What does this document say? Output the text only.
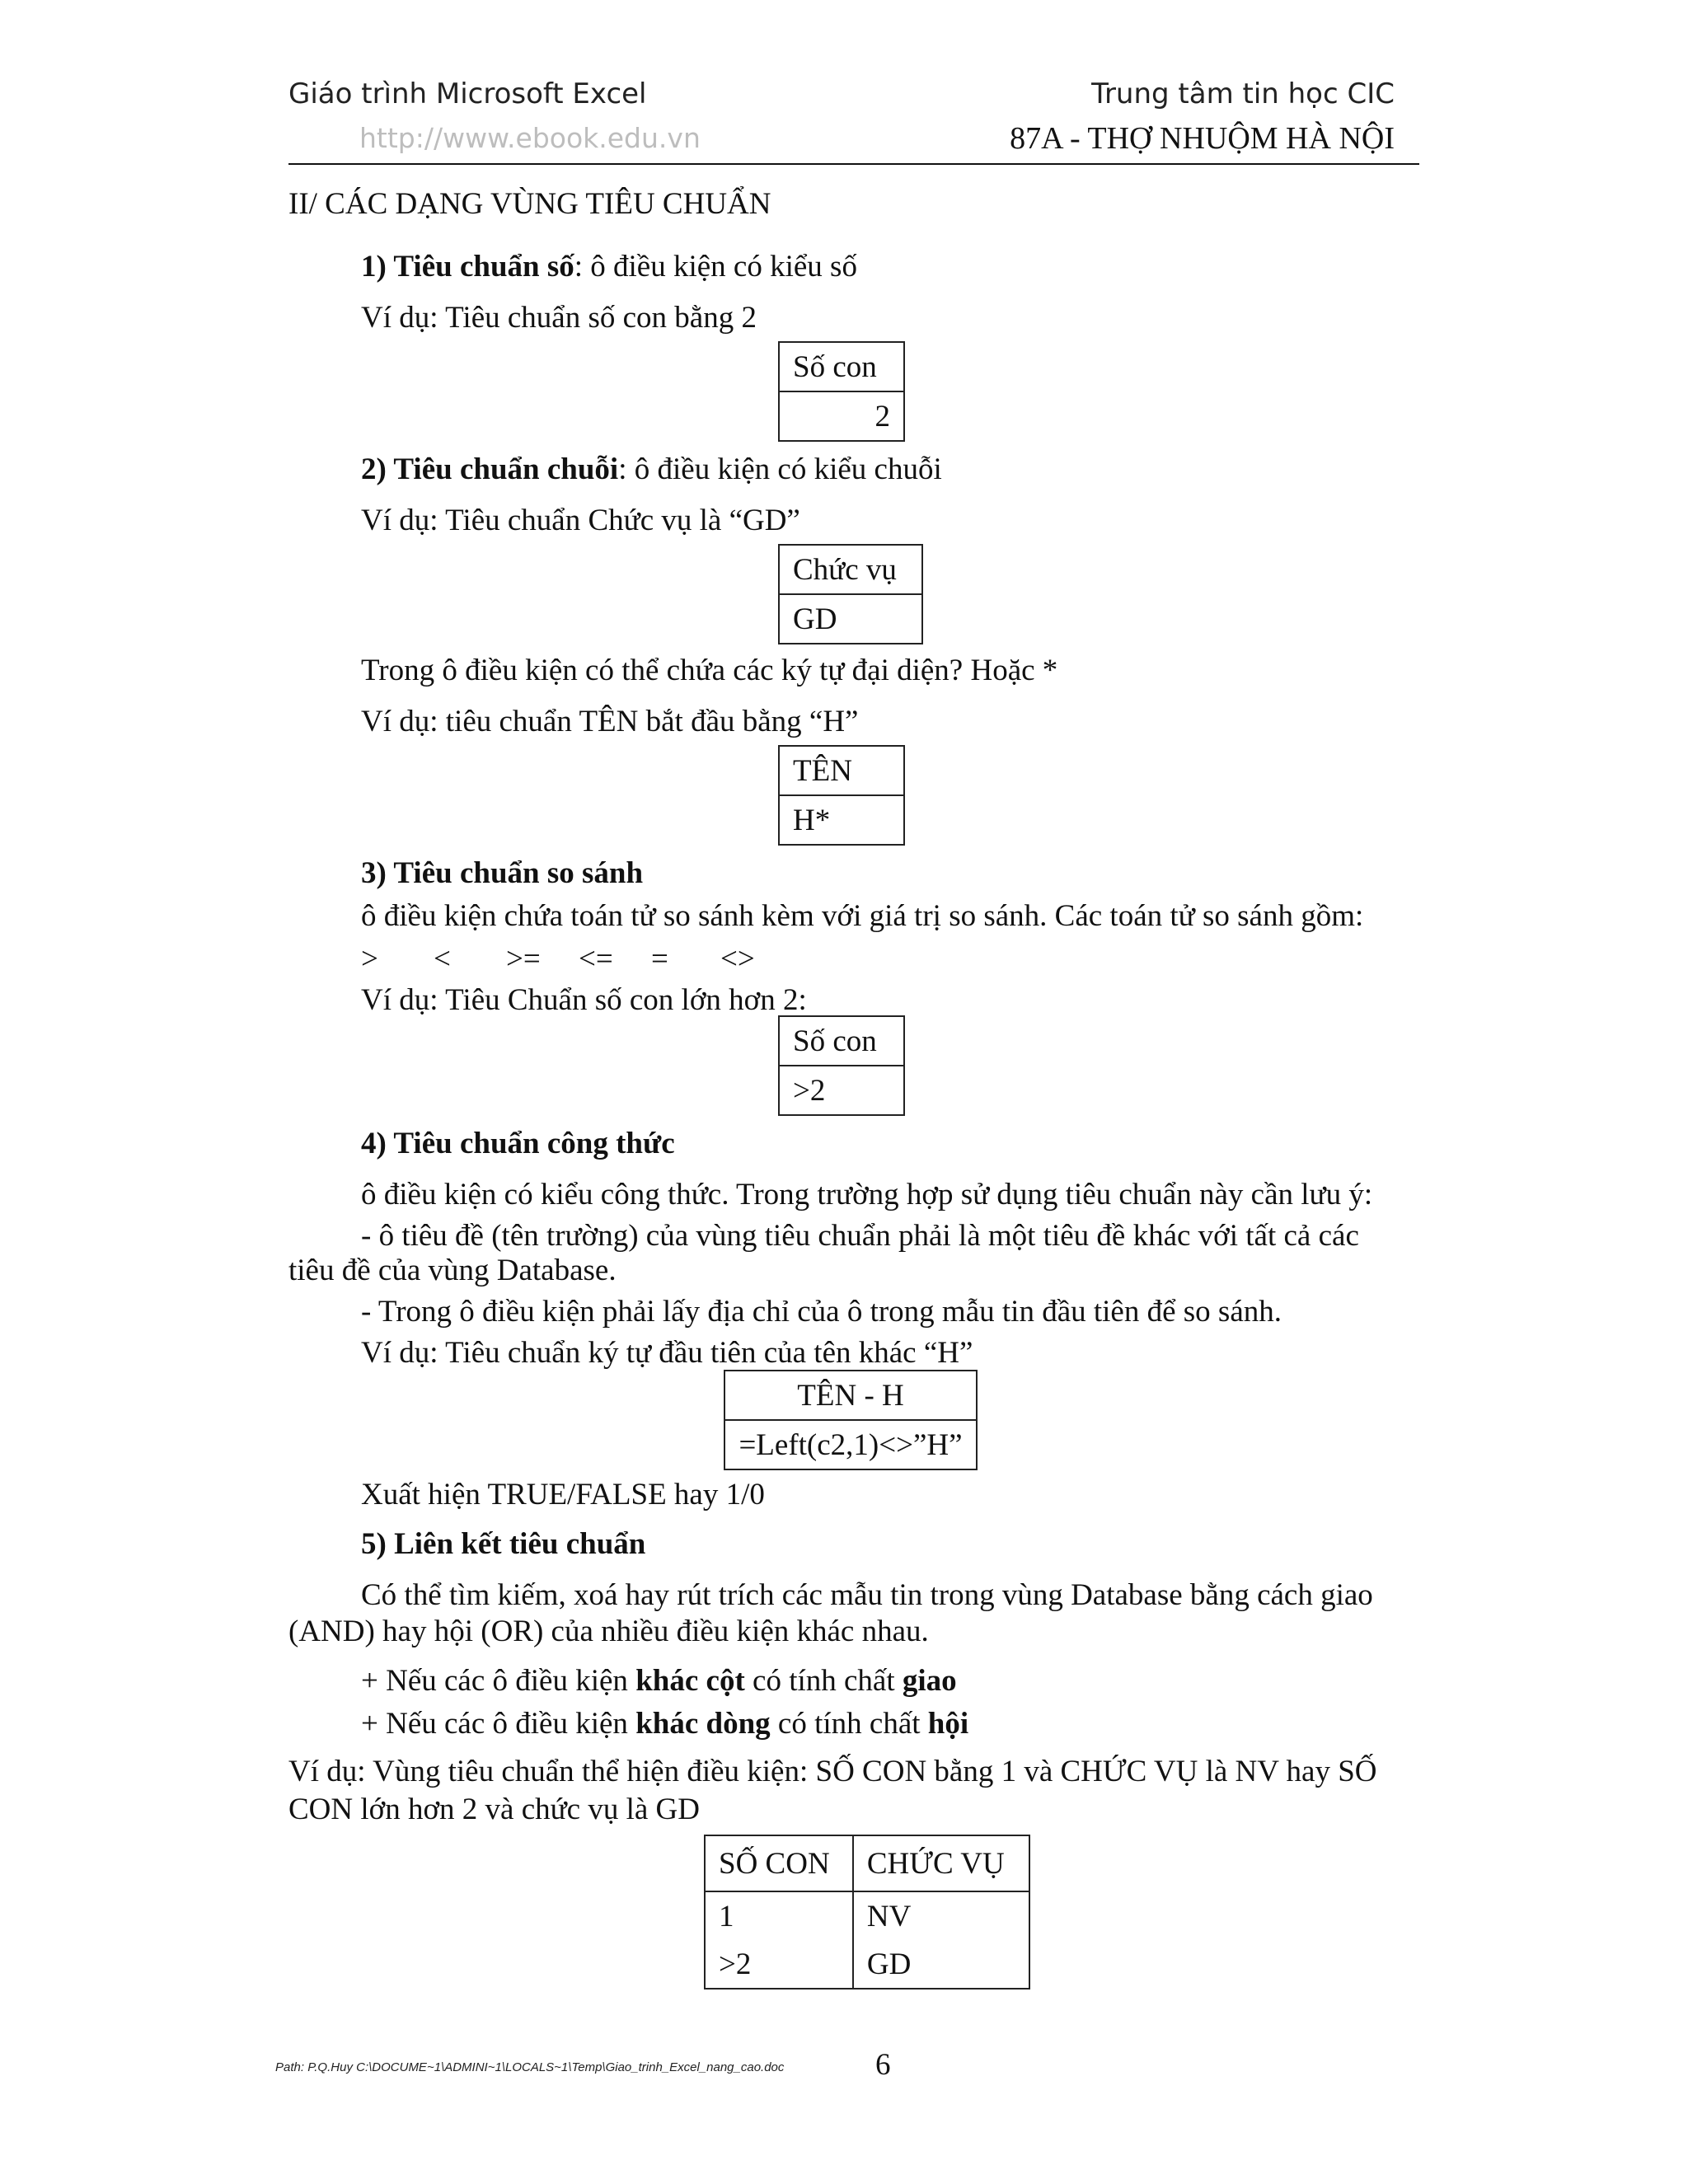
Giáo trình Microsoft Excel
http://www.ebook.edu.vn
Trung tâm tin học CIC
87A - THỢ NHUỘM HÀ NỘI
II/ CÁC DẠNG VÙNG TIÊU CHUẨN
1) Tiêu chuẩn số: ô điều kiện có kiểu số
Ví dụ: Tiêu chuẩn số con bằng 2
Số con
2
2) Tiêu chuẩn chuỗi: ô điều kiện có kiểu chuỗi
Ví dụ: Tiêu chuẩn Chức vụ là “GD”
Chức vụ
GD
Trong ô điều kiện có thể chứa các ký tự đại diện? Hoặc *
Ví dụ: tiêu chuẩn TÊN bắt đầu bằng “H”
TÊN
H*
3) Tiêu chuẩn so sánh
ô điều kiện chứa toán tử so sánh kèm với giá trị so sánh. Các toán tử so sánh gồm:
> < >= <= = <>
Ví dụ: Tiêu Chuẩn số con lớn hơn 2:
Số con
>2
4) Tiêu chuẩn công thức
ô điều kiện có kiểu công thức. Trong trường hợp sử dụng tiêu chuẩn này cần lưu ý:
- ô tiêu đề (tên trường) của vùng tiêu chuẩn phải là một tiêu đề khác với tất cả các
tiêu đề của vùng Database.
- Trong ô điều kiện phải lấy địa chỉ của ô trong mẫu tin đầu tiên để so sánh.
Ví dụ: Tiêu chuẩn ký tự đầu tiên của tên khác “H”
TÊN - H
=Left(c2,1)<>”H”
Xuất hiện TRUE/FALSE hay 1/0
5) Liên kết tiêu chuẩn
Có thể tìm kiếm, xoá hay rút trích các mẫu tin trong vùng Database bằng cách giao
(AND) hay hội (OR) của nhiều điều kiện khác nhau.
+ Nếu các ô điều kiện khác cột có tính chất giao
+ Nếu các ô điều kiện khác dòng có tính chất hội
Ví dụ: Vùng tiêu chuẩn thể hiện điều kiện: SỐ CON bằng 1 và CHỨC VỤ là NV hay SỐ
CON lớn hơn 2 và chức vụ là GD
SỐ CON	CHỨC VỤ
1	NV
>2	GD
Path: P.Q.Huy C:\DOCUME~1\ADMINI~1\LOCALS~1\Temp\Giao_trinh_Excel_nang_cao.doc	6
